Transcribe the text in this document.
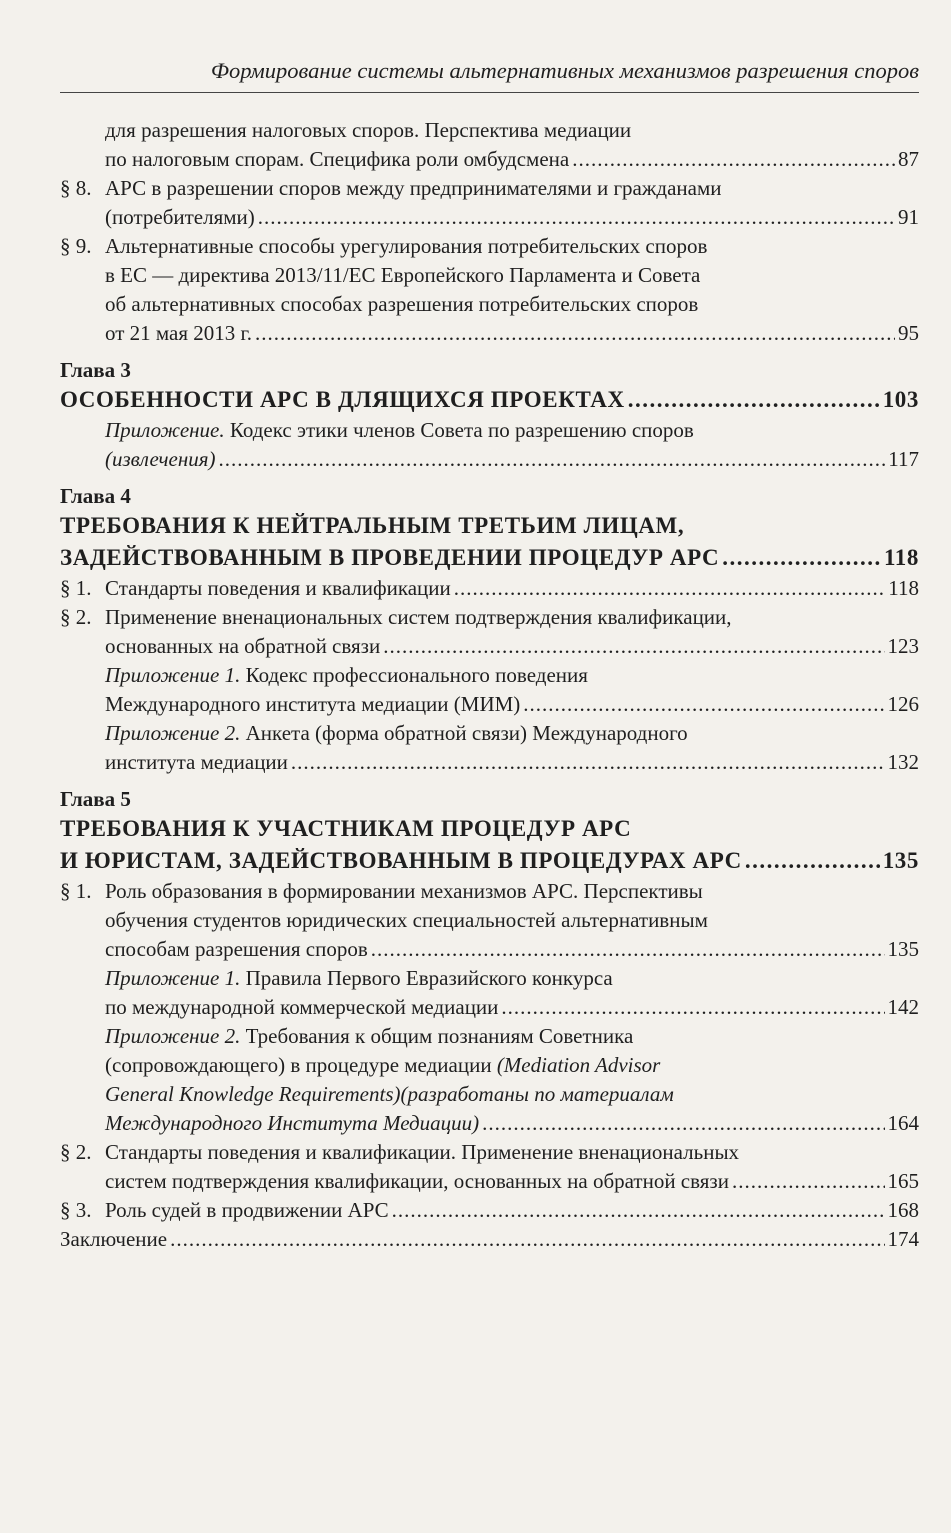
Формирование системы альтернативных механизмов разрешения споров
для разрешения налоговых споров. Перспектива медиации
по налоговым спорам. Специфика роли омбудсмена .....	87
§ 8. АРС в разрешении споров между предпринимателями и гражданами
(потребителями) .....	91
§ 9. Альтернативные способы урегулирования потребительских споров
в ЕС — директива 2013/11/ЕС Европейского Парламента и Совета
об альтернативных способах разрешения потребительских споров
от 21 мая 2013 г. .....	95
Глава 3
ОСОБЕННОСТИ АРС В ДЛЯЩИХСЯ ПРОЕКТАХ .....	103
Приложение. Кодекс этики членов Совета по разрешению споров
(извлечения) .....	117
Глава 4
ТРЕБОВАНИЯ К НЕЙТРАЛЬНЫМ ТРЕТЬИМ ЛИЦАМ,
ЗАДЕЙСТВОВАННЫМ В ПРОВЕДЕНИИ ПРОЦЕДУР АРС .....	118
§ 1. Стандарты поведения и квалификации .....	118
§ 2. Применение вненациональных систем подтверждения квалификации,
основанных на обратной связи .....	123
Приложение 1. Кодекс профессионального поведения
Международного института медиации (МИМ) .....	126
Приложение 2. Анкета (форма обратной связи) Международного
института медиации .....	132
Глава 5
ТРЕБОВАНИЯ К УЧАСТНИКАМ ПРОЦЕДУР АРС
И ЮРИСТАМ, ЗАДЕЙСТВОВАННЫМ В ПРОЦЕДУРАХ АРС .....	135
§ 1. Роль образования в формировании механизмов АРС. Перспективы
обучения студентов юридических специальностей альтернативным
способам разрешения споров .....	135
Приложение 1. Правила Первого Евразийского конкурса
по международной коммерческой медиации .....	142
Приложение 2. Требования к общим познаниям Советника
(сопровождающего) в процедуре медиации (Mediation Advisor
General Knowledge Requirements)(разработаны по материалам
Международного Института Медиации) .....	164
§ 2. Стандарты поведения и квалификации. Применение вненациональных
систем подтверждения квалификации, основанных на обратной связи .....	165
§ 3. Роль судей в продвижении АРС .....	168
Заключение .....	174
